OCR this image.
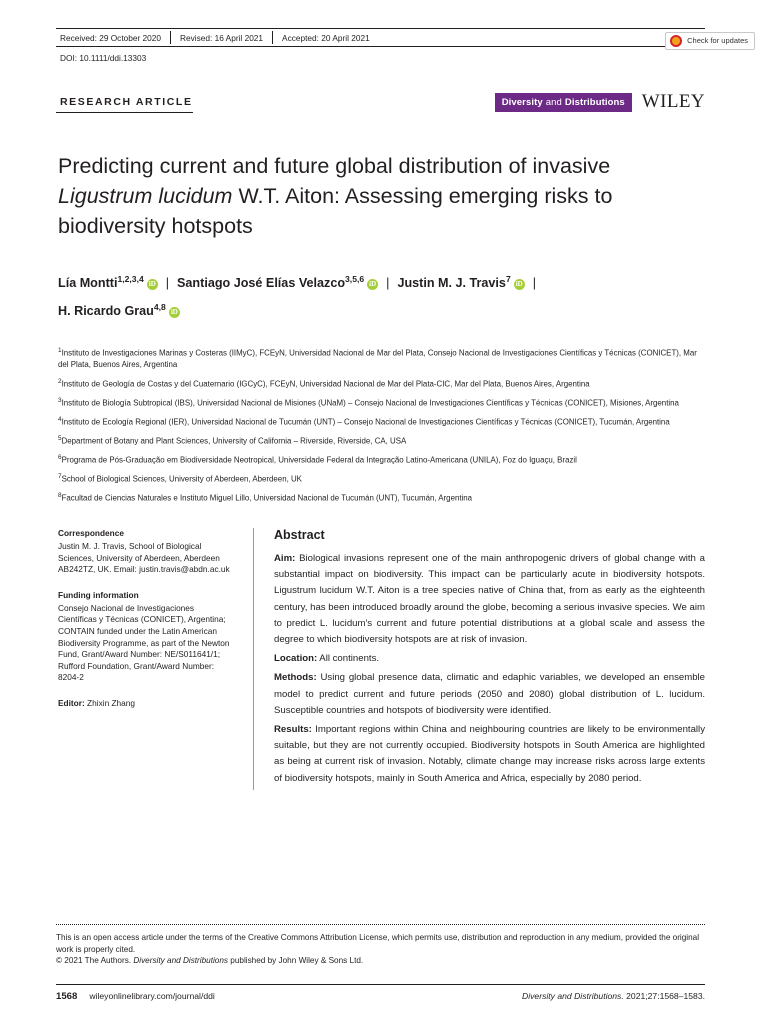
Check for updates
Received: 29 October 2020	Revised: 16 April 2021	Accepted: 20 April 2021
DOI: 10.1111/ddi.13303
RESEARCH ARTICLE	Diversity and Distributions WILEY
Predicting current and future global distribution of invasive
Ligustrum lucidum W.T. Aiton: Assessing emerging risks to
biodiversity hotspots
Lía Montti$^{1,2,3,4}$iD | Santiago José Elías Velazco$^{3,5,6}$iD | Justin M. J. Travis$^7$iD |
H. Ricardo Grau$^{4,8}$iD
$^1$Instituto de Investigaciones Marinas y Costeras (IIMyC), FCEyN, Universidad Nacional de Mar del Plata, Consejo Nacional de Investigaciones Científicas y Técnicas (CONICET), Mar del Plata, Buenos Aires, Argentina
$^2$Instituto de Geología de Costas y del Cuaternario (IGCyC), FCEyN, Universidad Nacional de Mar del Plata-CIC, Mar del Plata, Buenos Aires, Argentina
$^3$Instituto de Biología Subtropical (IBS), Universidad Nacional de Misiones (UNaM) – Consejo Nacional de Investigaciones Científicas y Técnicas (CONICET), Misiones, Argentina
$^4$Instituto de Ecología Regional (IER), Universidad Nacional de Tucumán (UNT) – Consejo Nacional de Investigaciones Científicas y Técnicas (CONICET), Tucumán, Argentina
$^5$Department of Botany and Plant Sciences, University of California – Riverside, Riverside, CA, USA
$^6$Programa de Pós-Graduação em Biodiversidade Neotropical, Universidade Federal da Integração Latino-Americana (UNILA), Foz do Iguaçu, Brazil
$^7$School of Biological Sciences, University of Aberdeen, Aberdeen, UK
$^8$Facultad de Ciencias Naturales e Instituto Miguel Lillo, Universidad Nacional de Tucumán (UNT), Tucumán, Argentina
Correspondence

Justin M. J. Travis, School of Biological Sciences, University of Aberdeen, Aberdeen AB242TZ, UK. Email: justin.travis@abdn.ac.uk

Funding information

Consejo Nacional de Investigaciones Científicas y Técnicas (CONICET), Argentina; CONTAIN funded under the Latin American Biodiversity Programme, as part of the Newton Fund, Grant/Award Number: NE/S011641/1; Rufford Foundation, Grant/Award Number: 8204-2

Editor: Zhixin Zhang

Abstract

Aim: Biological invasions represent one of the main anthropogenic drivers of global change with a substantial impact on biodiversity. This impact can be particularly acute in biodiversity hotspots. Ligustrum lucidum W.T. Aiton is a tree species native of China that, from as early as the eighteenth century, has been introduced broadly around the globe, becoming a serious invasive species. We aim to predict L. lucidum's current and future potential distributions at a global scale and assess the degree to which biodiversity hotspots are at risk of invasion.

Location: All continents.

Methods: Using global presence data, climatic and edaphic variables, we developed an ensemble model to predict current and future periods (2050 and 2080) global distribution of L. lucidum. Susceptible countries and hotspots of biodiversity were identified.

Results: Important regions within China and neighbouring countries are likely to be environmentally suitable, but they are not currently occupied. Biodiversity hotspots in South America are highlighted as being at current risk of invasion. Notably, climate change may increase risks across large extents of biodiversity hotspots, mainly in South America and Africa, especially by 2080 period.

This is an open access article under the terms of the Creative Commons Attribution License, which permits use, distribution and reproduction in any medium, provided the original work is properly cited.
© 2021 The Authors. Diversity and Distributions published by John Wiley & Sons Ltd.
1568 wileyonlinelibrary.com/journal/ddi	Diversity and Distributions. 2021;27:1568–1583.
